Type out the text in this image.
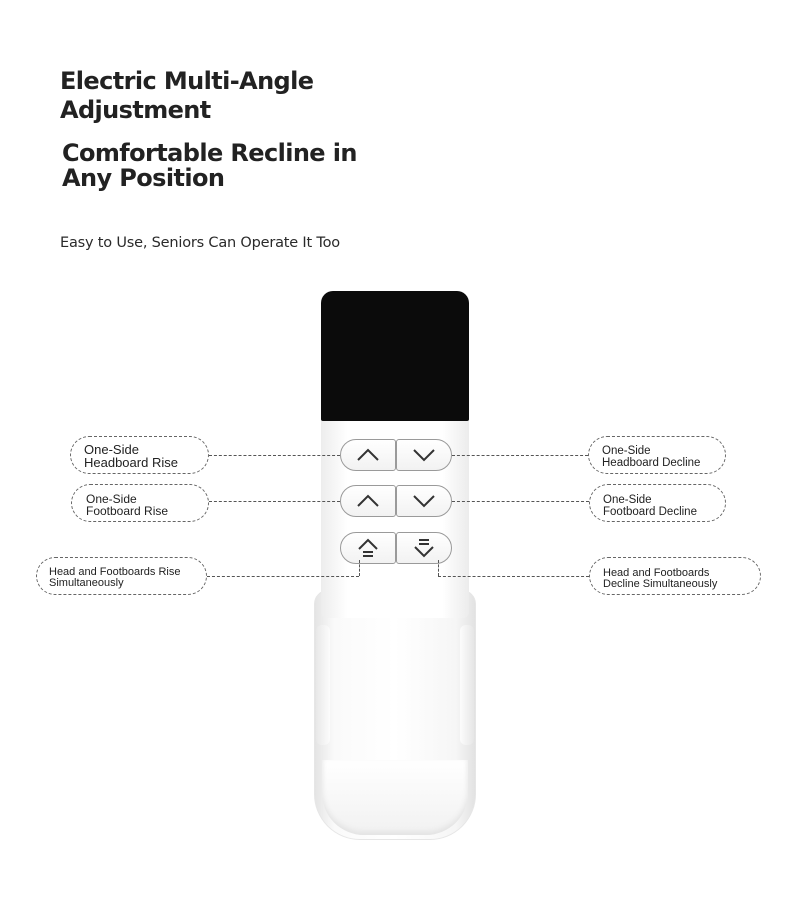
Electric Multi-Angle
Adjustment
Comfortable Recline in
Any Position
Easy to Use, Seniors Can Operate It Too
One-Side
Headboard Rise
One-Side
Footboard Rise
Head and Footboards Rise
Simultaneously
One-Side
Headboard Decline
One-Side
Footboard Decline
Head and Footboards
Decline Simultaneously
